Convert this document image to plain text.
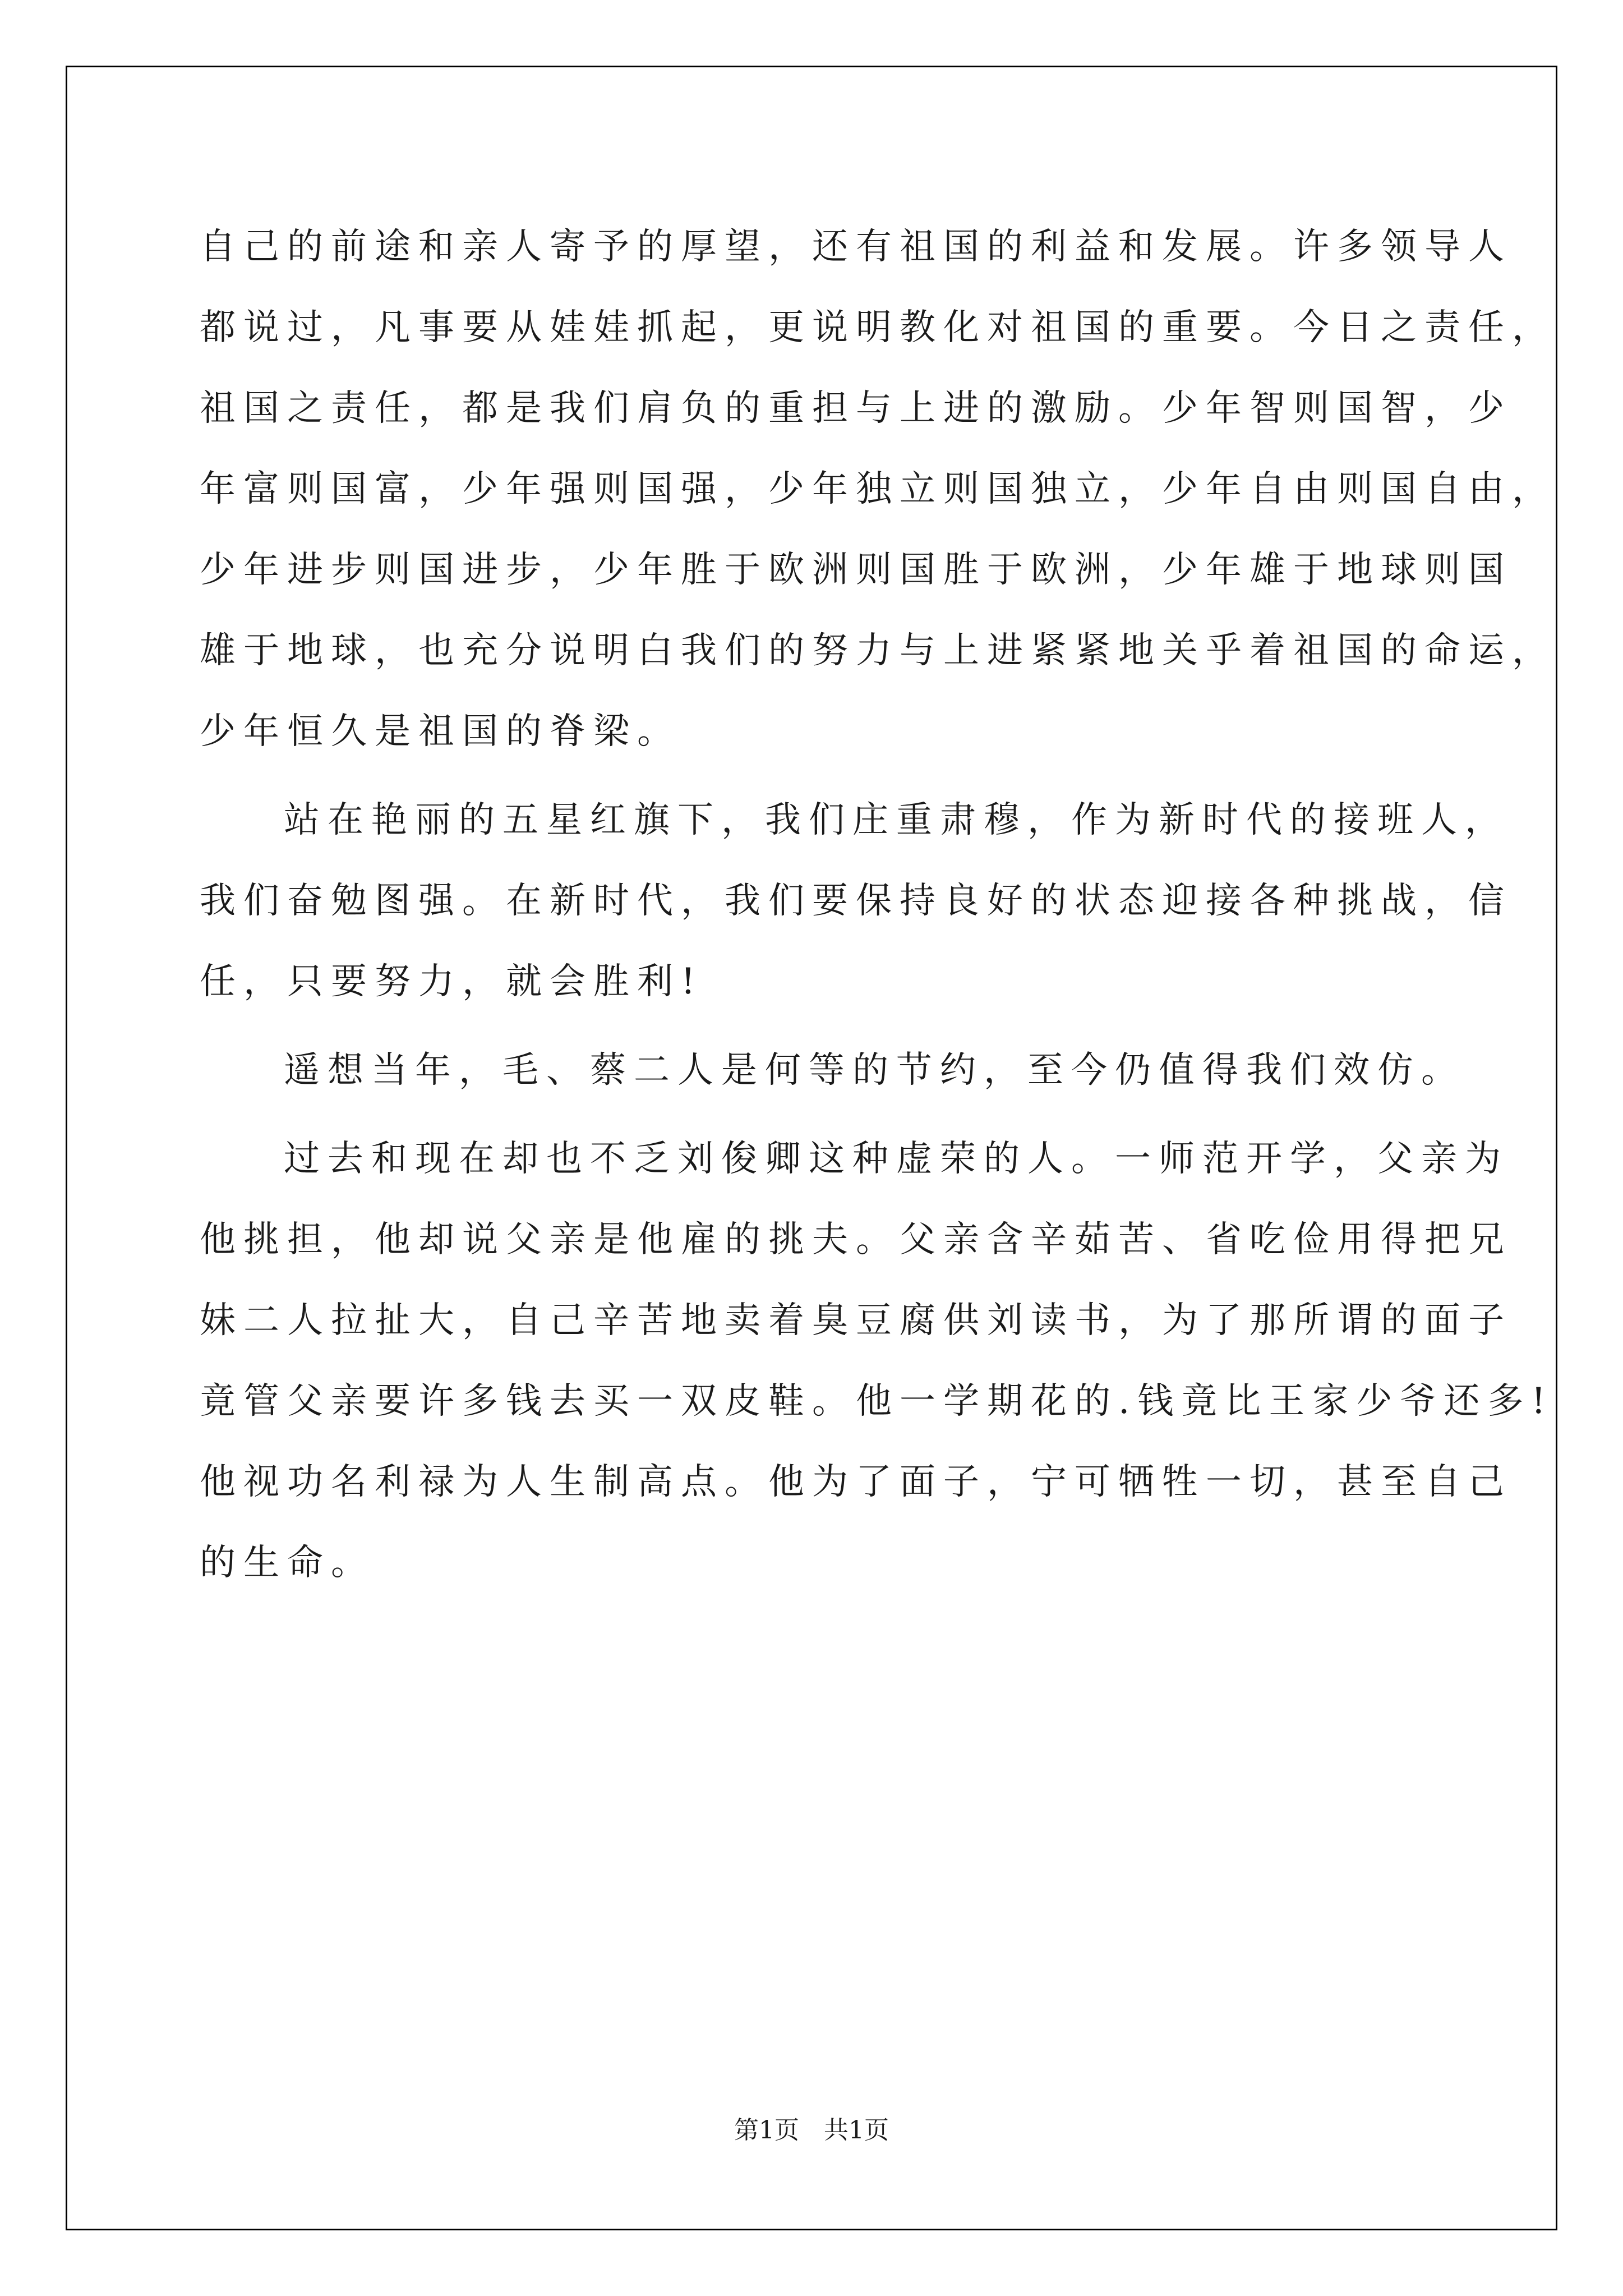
自己的前途和亲人寄予的厚望，还有祖国的利益和发展。许多领导人
都说过，凡事要从娃娃抓起，更说明教化对祖国的重要。今日之责任，
祖国之责任，都是我们肩负的重担与上进的激励。少年智则国智，少
年富则国富，少年强则国强，少年独立则国独立，少年自由则国自由，
少年进步则国进步，少年胜于欧洲则国胜于欧洲，少年雄于地球则国
雄于地球，也充分说明白我们的努力与上进紧紧地关乎着祖国的命运，
少年恒久是祖国的脊梁。
站在艳丽的五星红旗下，我们庄重肃穆，作为新时代的接班人，
我们奋勉图强。在新时代，我们要保持良好的状态迎接各种挑战，信
任，只要努力，就会胜利!
遥想当年，毛、蔡二人是何等的节约，至今仍值得我们效仿。
过去和现在却也不乏刘俊卿这种虚荣的人。一师范开学，父亲为
他挑担，他却说父亲是他雇的挑夫。父亲含辛茹苦、省吃俭用得把兄
妹二人拉扯大，自己辛苦地卖着臭豆腐供刘读书，为了那所谓的面子
竟管父亲要许多钱去买一双皮鞋。他一学期花的.钱竟比王家少爷还多!
他视功名利禄为人生制高点。他为了面子，宁可牺牲一切，甚至自己
的生命。
第1页　共1页
